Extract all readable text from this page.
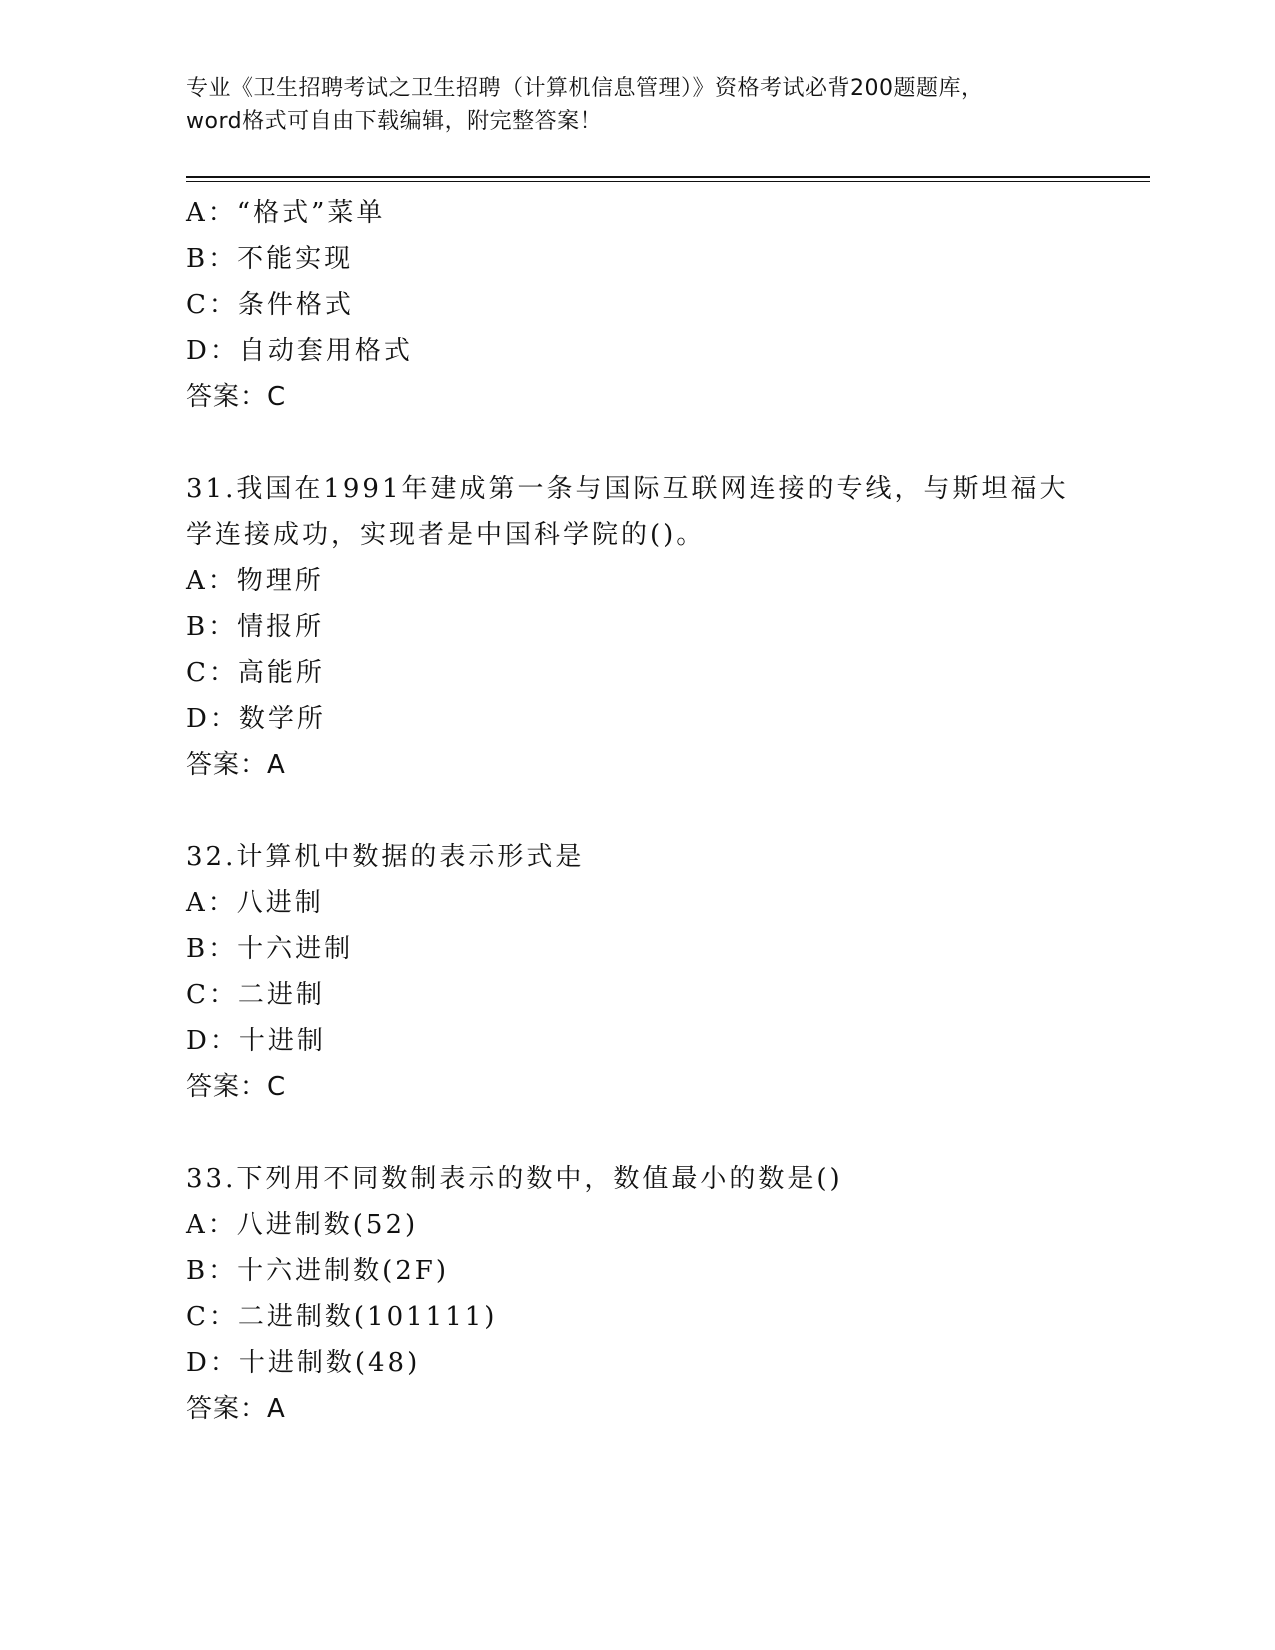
专业《卫生招聘考试之卫生招聘（计算机信息管理）》资格考试必背200题题库，
word格式可自由下载编辑，附完整答案！
A：“格式”菜单
B：不能实现
C：条件格式
D：自动套用格式
答案：C
31.我国在1991年建成第一条与国际互联网连接的专线，与斯坦福大
学连接成功，实现者是中国科学院的()。
A：物理所
B：情报所
C：高能所
D：数学所
答案：A
32.计算机中数据的表示形式是
A：八进制
B：十六进制
C：二进制
D：十进制
答案：C
33.下列用不同数制表示的数中，数值最小的数是()
A：八进制数(52)
B：十六进制数(2F)
C：二进制数(101111)
D：十进制数(48)
答案：A
